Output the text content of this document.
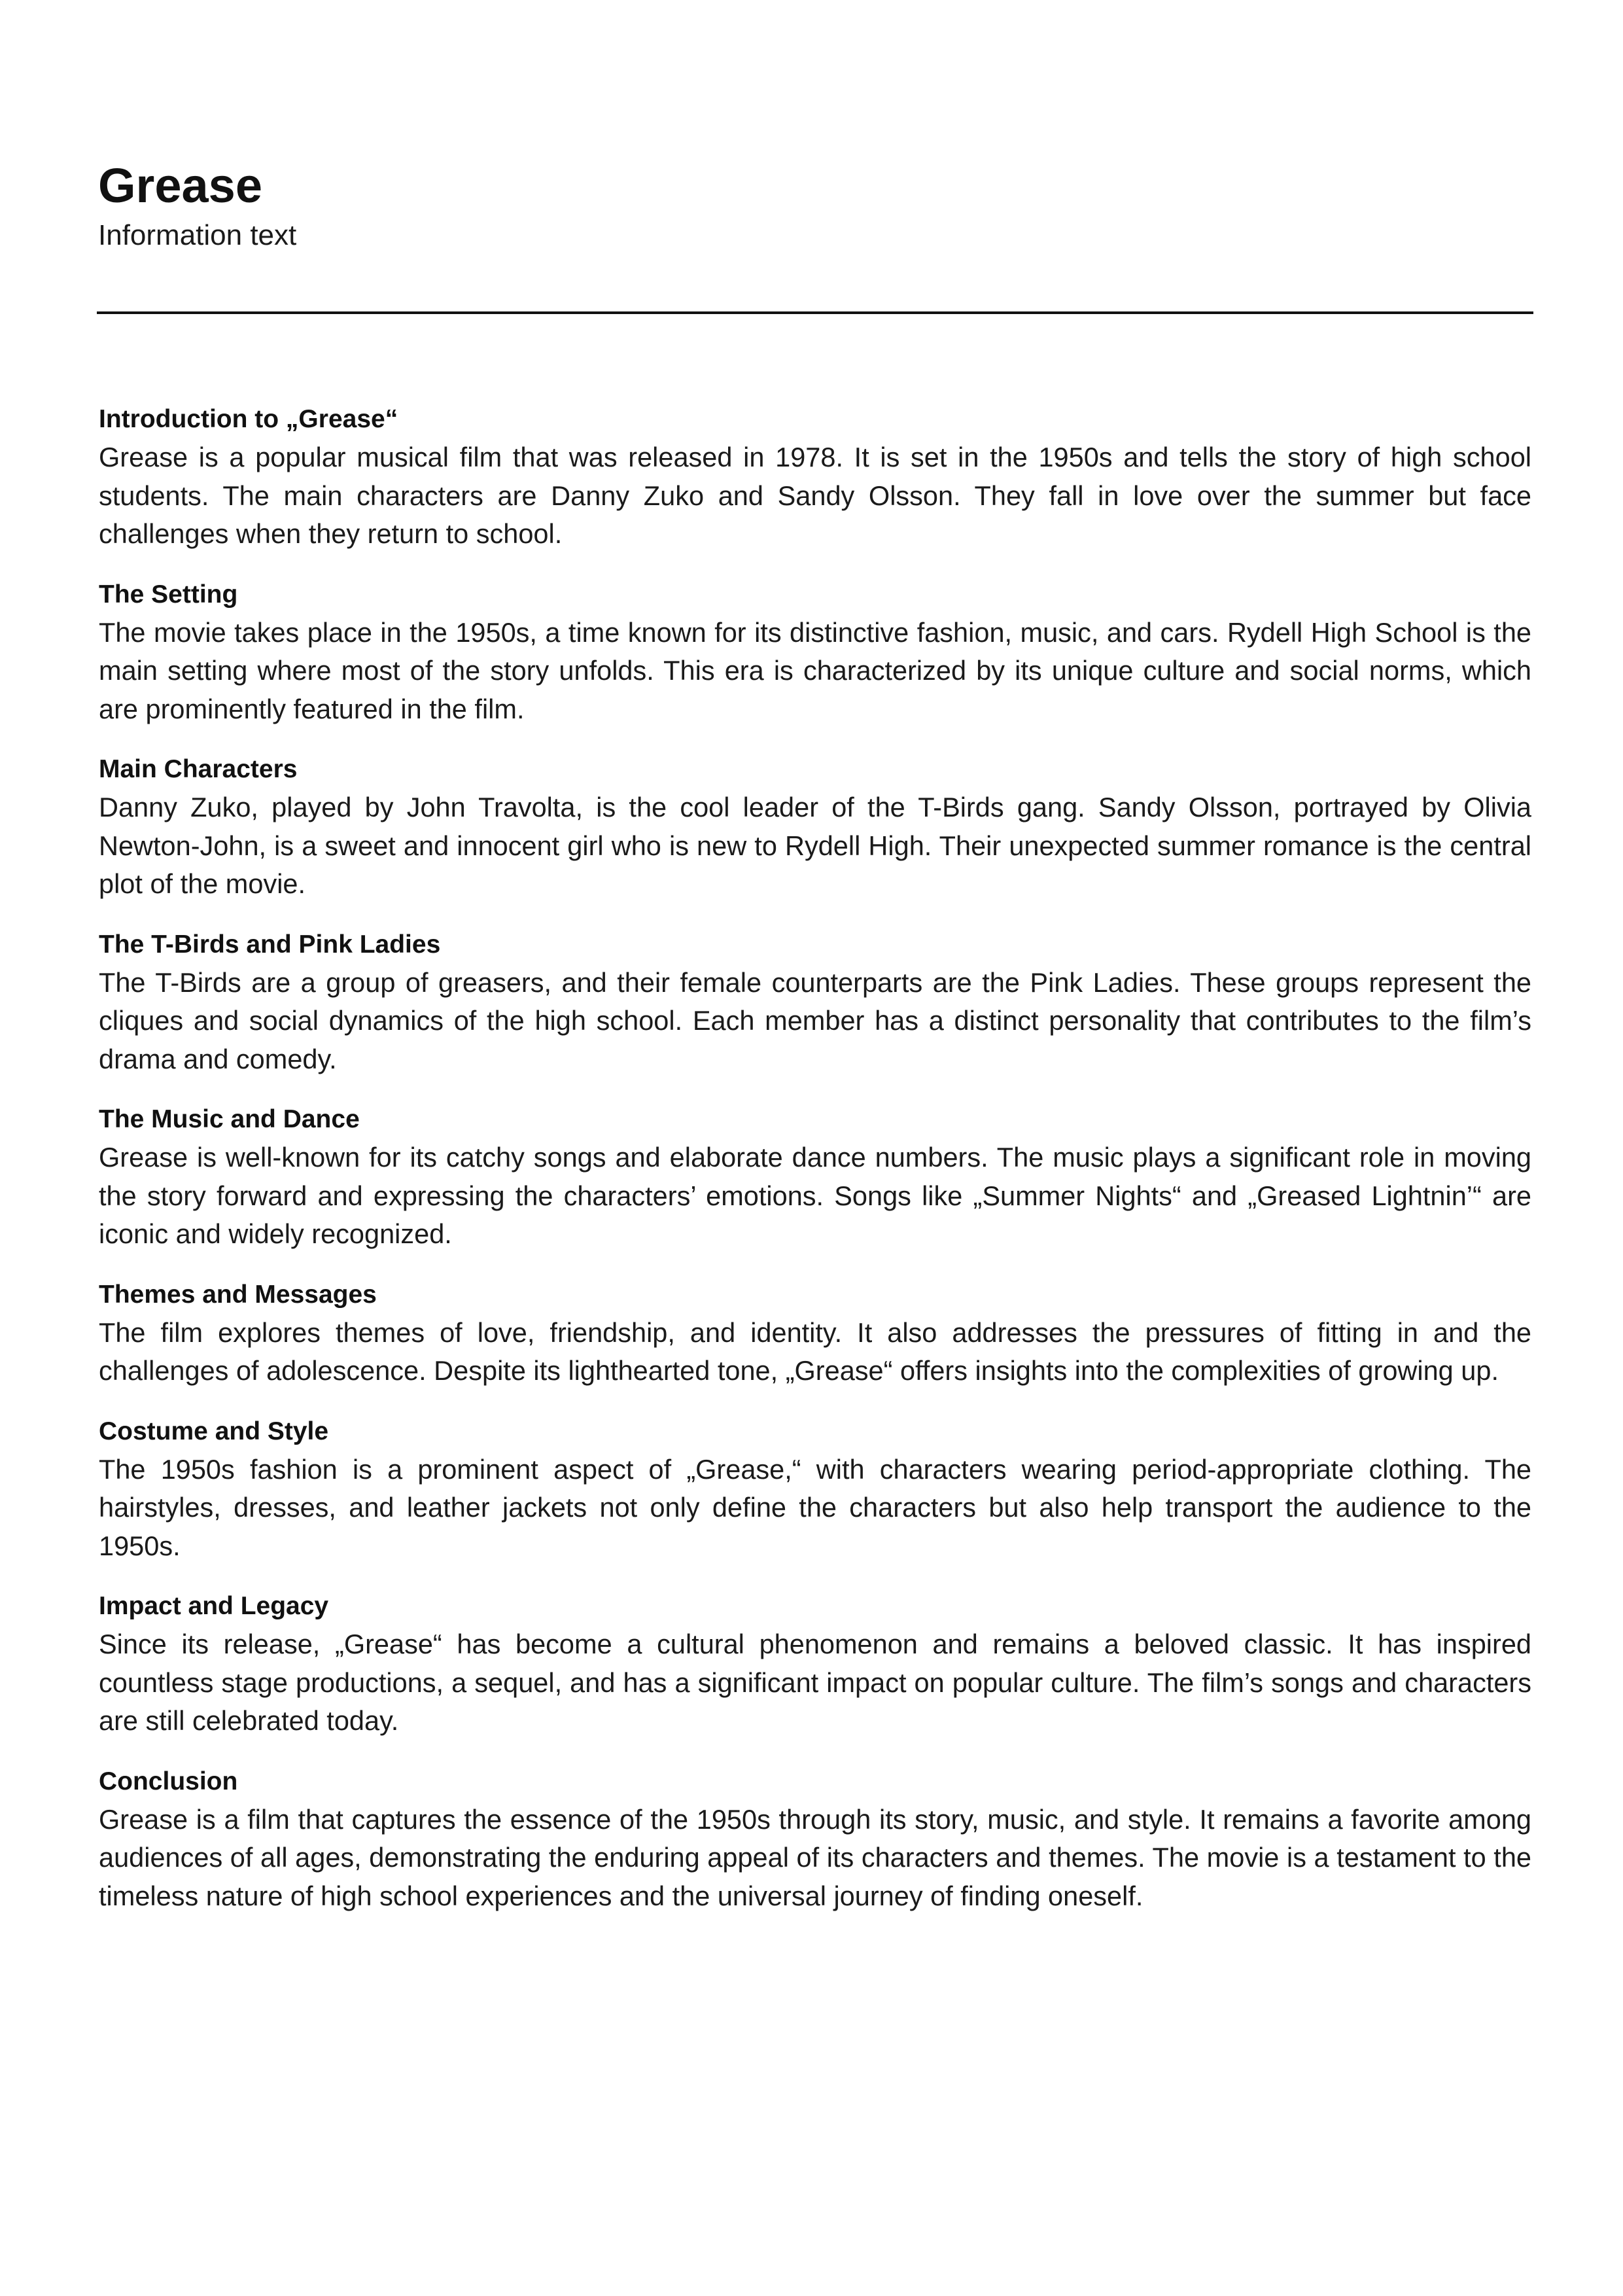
Grease

Information text

Introduction to „Grease“

Grease is a popular musical film that was released in 1978. It is set in the 1950s and tells the story of high school students. The main characters are Danny Zuko and Sandy Olsson. They fall in love over the summer but face challenges when they return to school.

The Setting

The movie takes place in the 1950s, a time known for its distinctive fashion, music, and cars. Rydell High School is the main setting where most of the story unfolds. This era is characterized by its unique culture and social norms, which are prominently featured in the film.

Main Characters

Danny Zuko, played by John Travolta, is the cool leader of the T-Birds gang. Sandy Olsson, portrayed by Olivia Newton-John, is a sweet and innocent girl who is new to Rydell High. Their unexpected summer romance is the central plot of the movie.

The T-Birds and Pink Ladies

The T-Birds are a group of greasers, and their female counterparts are the Pink Ladies. These groups represent the cliques and social dynamics of the high school. Each member has a distinct personality that contributes to the film’s drama and comedy.

The Music and Dance

Grease is well-known for its catchy songs and elaborate dance numbers. The music plays a significant role in moving the story forward and expressing the characters’ emotions. Songs like „Summer Nights“ and „Greased Lightnin’“ are iconic and widely recognized.

Themes and Messages

The film explores themes of love, friendship, and identity. It also addresses the pressures of fitting in and the challenges of adolescence. Despite its lighthearted tone, „Grease“ offers insights into the complexities of growing up.

Costume and Style

The 1950s fashion is a prominent aspect of „Grease,“ with characters wearing period-appropriate clothing. The hairstyles, dresses, and leather jackets not only define the characters but also help transport the audience to the 1950s.

Impact and Legacy

Since its release, „Grease“ has become a cultural phenomenon and remains a beloved classic. It has inspired countless stage productions, a sequel, and has a significant impact on popular culture. The film’s songs and characters are still celebrated today.

Conclusion

Grease is a film that captures the essence of the 1950s through its story, music, and style. It remains a favorite among audiences of all ages, demonstrating the enduring appeal of its characters and themes. The movie is a testament to the timeless nature of high school experiences and the universal journey of finding oneself.
